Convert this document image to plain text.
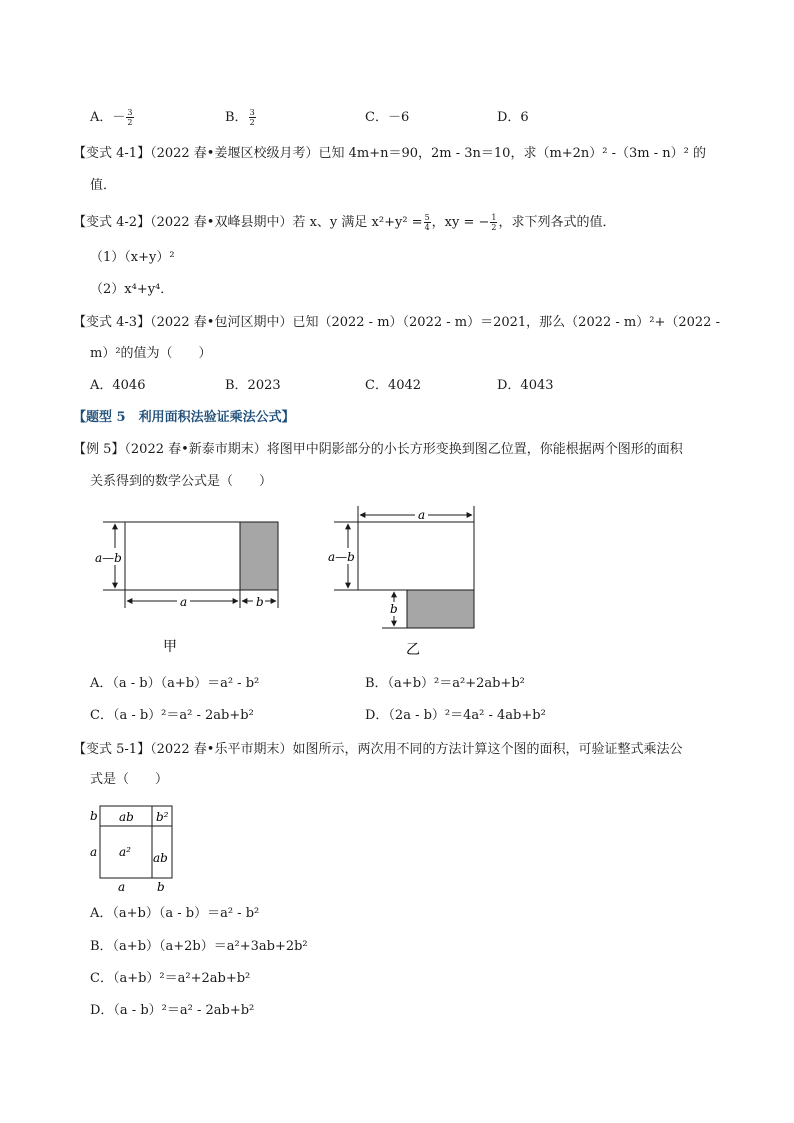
A．－ $\frac{3}{2}$	B． $\frac{3}{2}$	C．－6	D．6
【变式 4-1】（2022 春•姜堰区校级月考）已知 4m+n＝90，2m - 3n＝10，求（m+2n）² -（3m - n）² 的
值．
【变式 4-2】（2022 春•双峰县期中）若 x、y 满足 $x^2+y^2 = \frac{5}{4}$ ，xy = − $\frac{1}{2}$ ，求下列各式的值．
（1）（x+y）²
（2）x⁴+y⁴．
【变式 4-3】（2022 春•包河区期中）已知（2022 - m）（2022 - m）＝2021，那么（2022 - m）²+（2022 -
m）²的值为（　　）
A．4046	B．2023	C．4042	D．4043
【题型 5　利用面积法验证乘法公式】
【例 5】（2022 春•新泰市期末）将图甲中阴影部分的小长方形变换到图乙位置，你能根据两个图形的面积
关系得到的数学公式是（　　）
a—b
a	b
甲
a
a—b
b
乙
A．（a - b）（a+b）＝a² - b²	B．（a+b）²＝a²+2ab+b²
C．（a - b）²＝a² - 2ab+b²	D．（2a - b）²＝4a² - 4ab+b²
【变式 5-1】（2022 春•乐平市期末）如图所示，两次用不同的方法计算这个图的面积，可验证整式乘法公
式是（　　）
ab b²
a² ab
b
a
a	b
A．（a+b）（a - b）＝a² - b²
B．（a+b）（a+2b）＝a²+3ab+2b²
C．（a+b）²＝a²+2ab+b²
D．（a - b）²＝a² - 2ab+b²
